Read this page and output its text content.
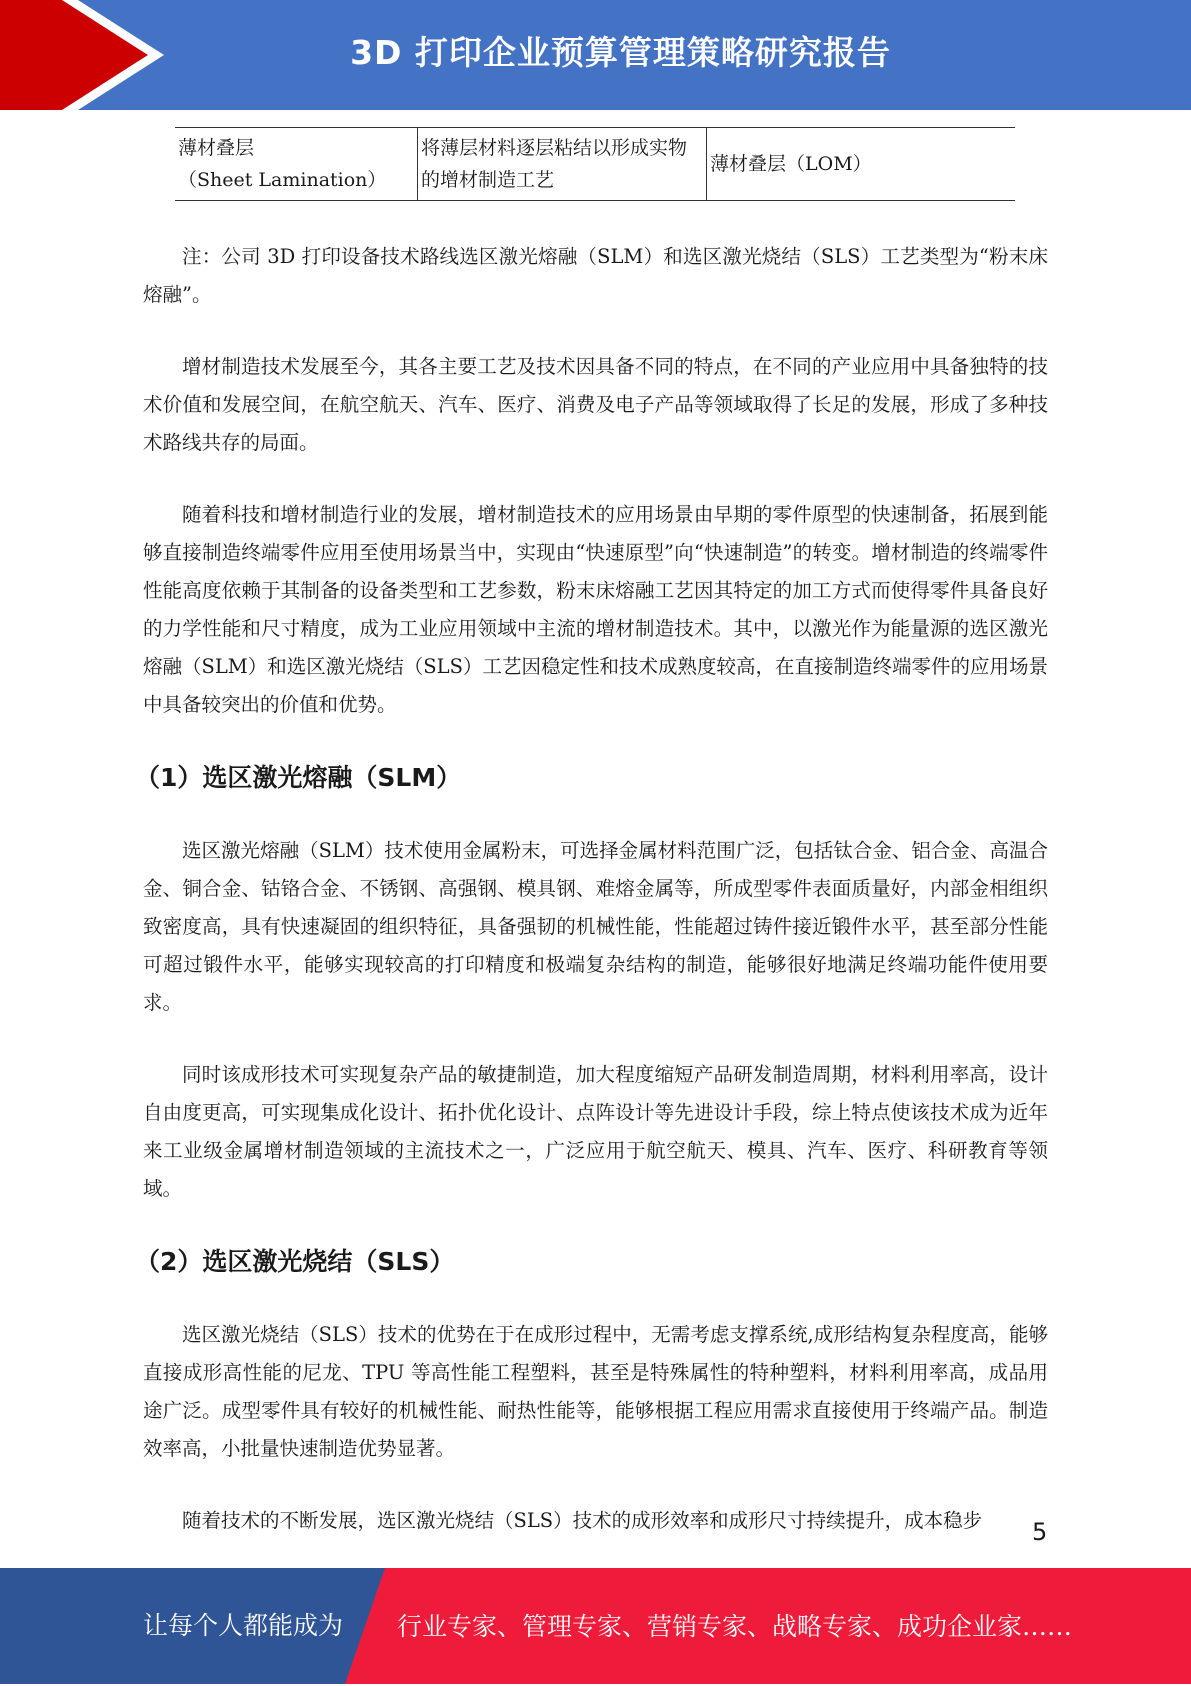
3D 打印企业预算管理策略研究报告
薄材叠层
（Sheet Lamination）
	将薄层材料逐层粘结以形成实物的增材制造工艺	薄材叠层（LOM）

注：公司 3D 打印设备技术路线选区激光熔融（SLM）和选区激光烧结（SLS）工艺类型为“粉末床熔融”。

增材制造技术发展至今，其各主要工艺及技术因具备不同的特点，在不同的产业应用中具备独特的技术价值和发展空间，在航空航天、汽车、医疗、消费及电子产品等领域取得了长足的发展，形成了多种技术路线共存的局面。

随着科技和增材制造行业的发展，增材制造技术的应用场景由早期的零件原型的快速制备，拓展到能够直接制造终端零件应用至使用场景当中，实现由“快速原型”向“快速制造”的转变。增材制造的终端零件性能高度依赖于其制备的设备类型和工艺参数，粉末床熔融工艺因其特定的加工方式而使得零件具备良好的力学性能和尺寸精度，成为工业应用领域中主流的增材制造技术。其中，以激光作为能量源的选区激光熔融（SLM）和选区激光烧结（SLS）工艺因稳定性和技术成熟度较高，在直接制造终端零件的应用场景中具备较突出的价值和优势。

（1）选区激光熔融（SLM）

选区激光熔融（SLM）技术使用金属粉末，可选择金属材料范围广泛，包括钛合金、铝合金、高温合金、铜合金、钴铬合金、不锈钢、高强钢、模具钢、难熔金属等，所成型零件表面质量好，内部金相组织致密度高，具有快速凝固的组织特征，具备强韧的机械性能，性能超过铸件接近锻件水平，甚至部分性能可超过锻件水平，能够实现较高的打印精度和极端复杂结构的制造，能够很好地满足终端功能件使用要求。

同时该成形技术可实现复杂产品的敏捷制造，加大程度缩短产品研发制造周期，材料利用率高，设计自由度更高，可实现集成化设计、拓扑优化设计、点阵设计等先进设计手段，综上特点使该技术成为近年来工业级金属增材制造领域的主流技术之一，广泛应用于航空航天、模具、汽车、医疗、科研教育等领域。

（2）选区激光烧结（SLS）

选区激光烧结（SLS）技术的优势在于在成形过程中，无需考虑支撑系统,成形结构复杂程度高，能够直接成形高性能的尼龙、TPU 等高性能工程塑料，甚至是特殊属性的特种塑料，材料利用率高，成品用途广泛。成型零件具有较好的机械性能、耐热性能等，能够根据工程应用需求直接使用于终端产品。制造效率高，小批量快速制造优势显著。

随着技术的不断发展，选区激光烧结（SLS）技术的成形效率和成形尺寸持续提升，成本稳步	5
让每个人都能成为 行业专家、管理专家、营销专家、战略专家、成功企业家……
